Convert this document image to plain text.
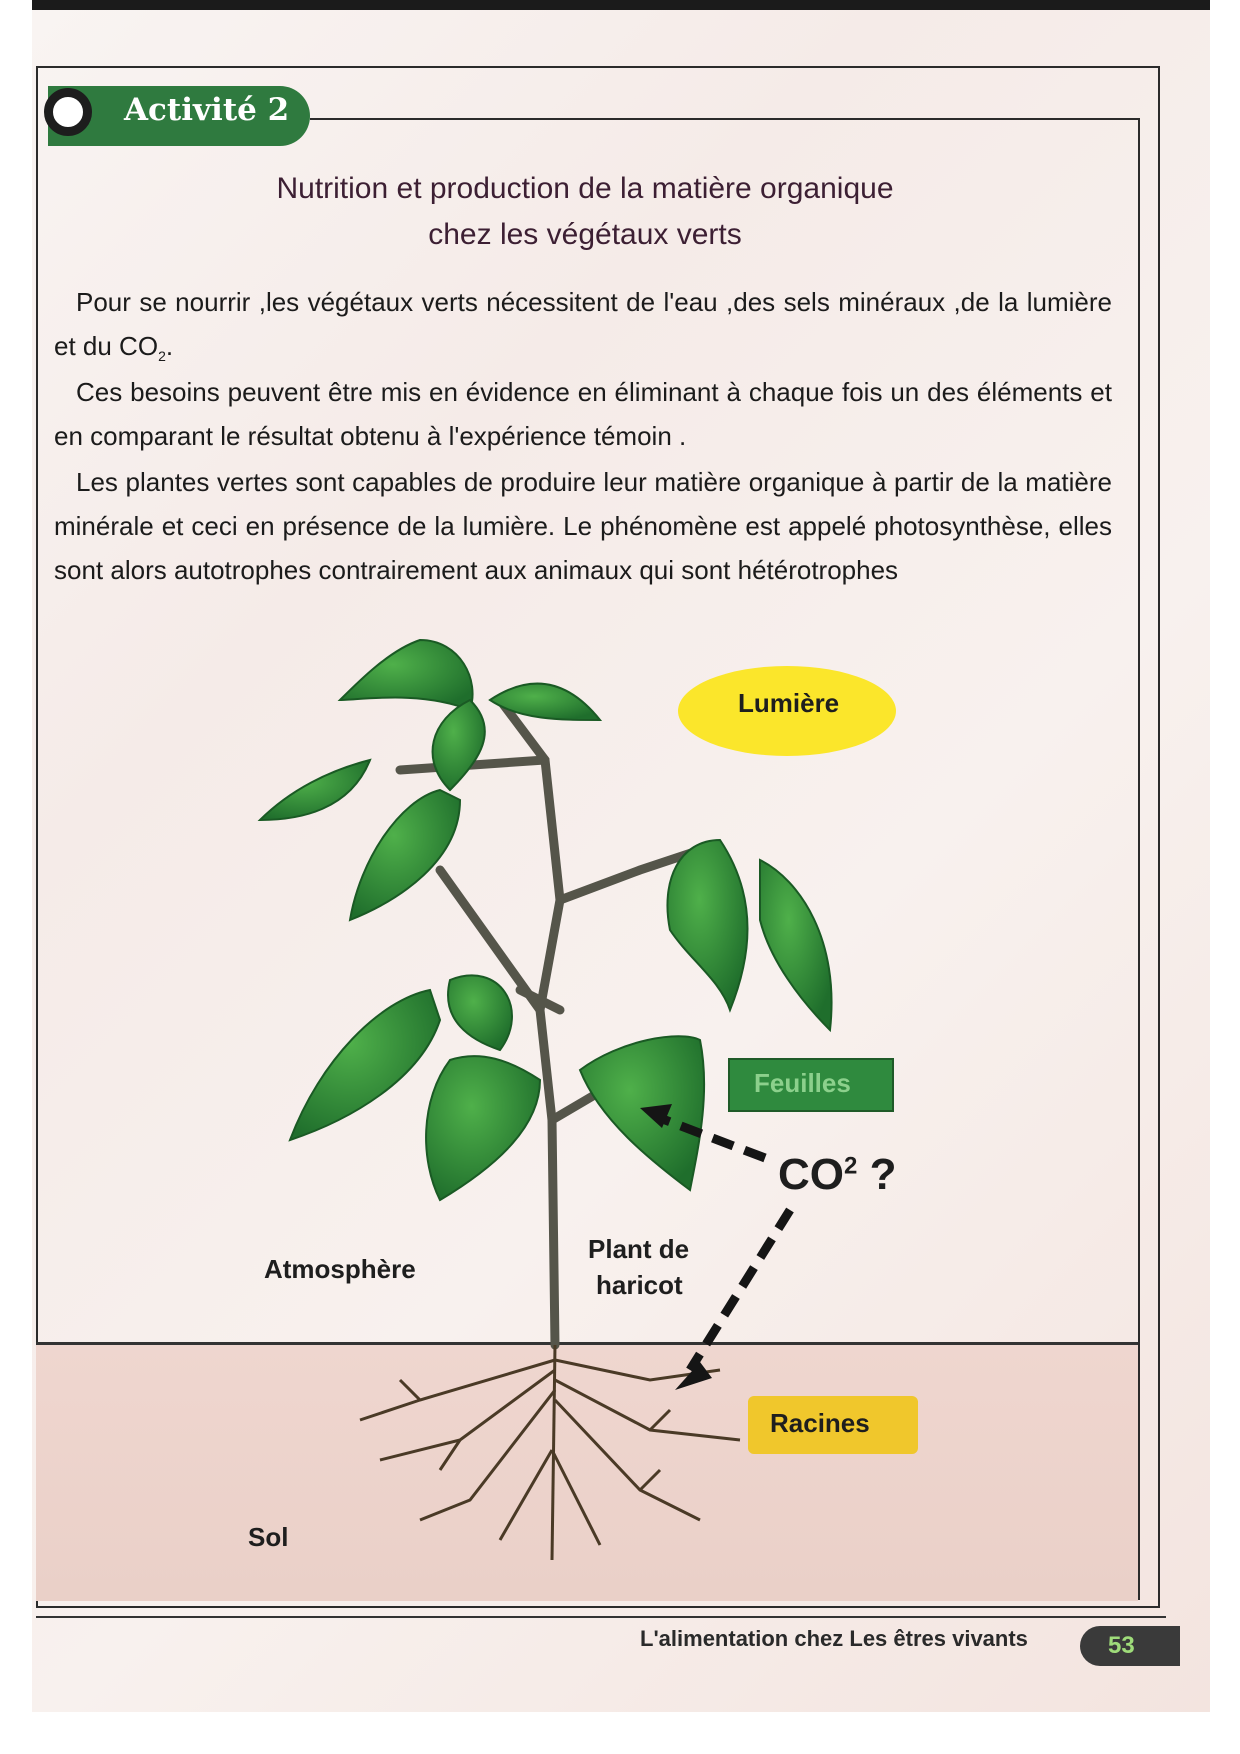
Activité 2
Nutrition et production de la matière organique
chez les végétaux verts
Pour se nourrir ,les végétaux verts nécessitent de l'eau ,des sels minéraux ,de la lumière et du $CO_2$.
Ces besoins peuvent être mis en évidence en éliminant à chaque fois un des éléments et en comparant le résultat obtenu à l'expérience témoin .
Les plantes vertes sont capables de produire leur matière organique à partir de la matière minérale et ceci en présence de la lumière. Le phénomène est appelé photosynthèse, elles sont alors autotrophes contrairement aux animaux qui sont hétérotrophes
Lumière
Feuilles
$CO^2$ ?
Atmosphère
Plant de
haricot
Racines
Sol
L'alimentation chez Les êtres vivants	53
